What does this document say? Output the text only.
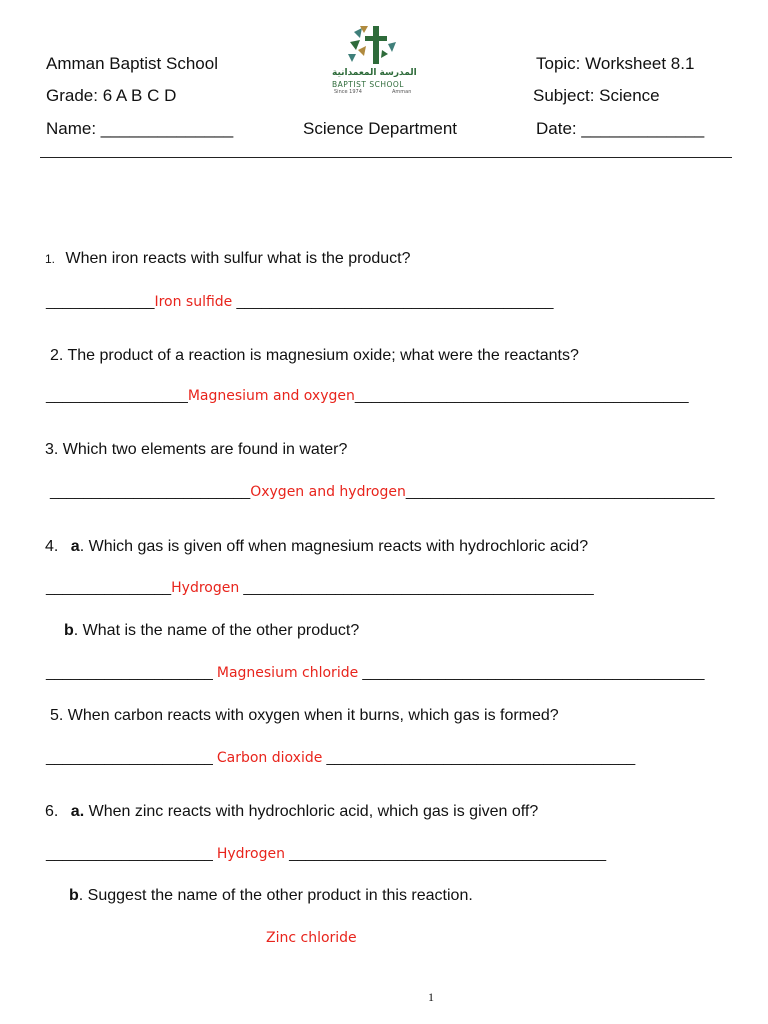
Amman Baptist School
Grade: 6 A B C D
Name: ______________	Science Department
Topic: Worksheet 8.1
Subject: Science
Date: _____________
المدرسة المعمدانية
BAPTIST SCHOOL
Since 1974	Amman
1. When iron reacts with sulfur what is the product?
_____________Iron sulfide ______________________________________
2. The product of a reaction is magnesium oxide; what were the reactants?
_________________Magnesium and oxygen________________________________________
3. Which two elements are found in water?
________________________Oxygen and hydrogen_____________________________________
4. a. Which gas is given off when magnesium reacts with hydrochloric acid?
_______________Hydrogen __________________________________________
b. What is the name of the other product?
____________________ Magnesium chloride _________________________________________
5. When carbon reacts with oxygen when it burns, which gas is formed?
____________________ Carbon dioxide _____________________________________
6. a. When zinc reacts with hydrochloric acid, which gas is given off?
____________________ Hydrogen ______________________________________
b. Suggest the name of the other product in this reaction.
Zinc chloride
1
